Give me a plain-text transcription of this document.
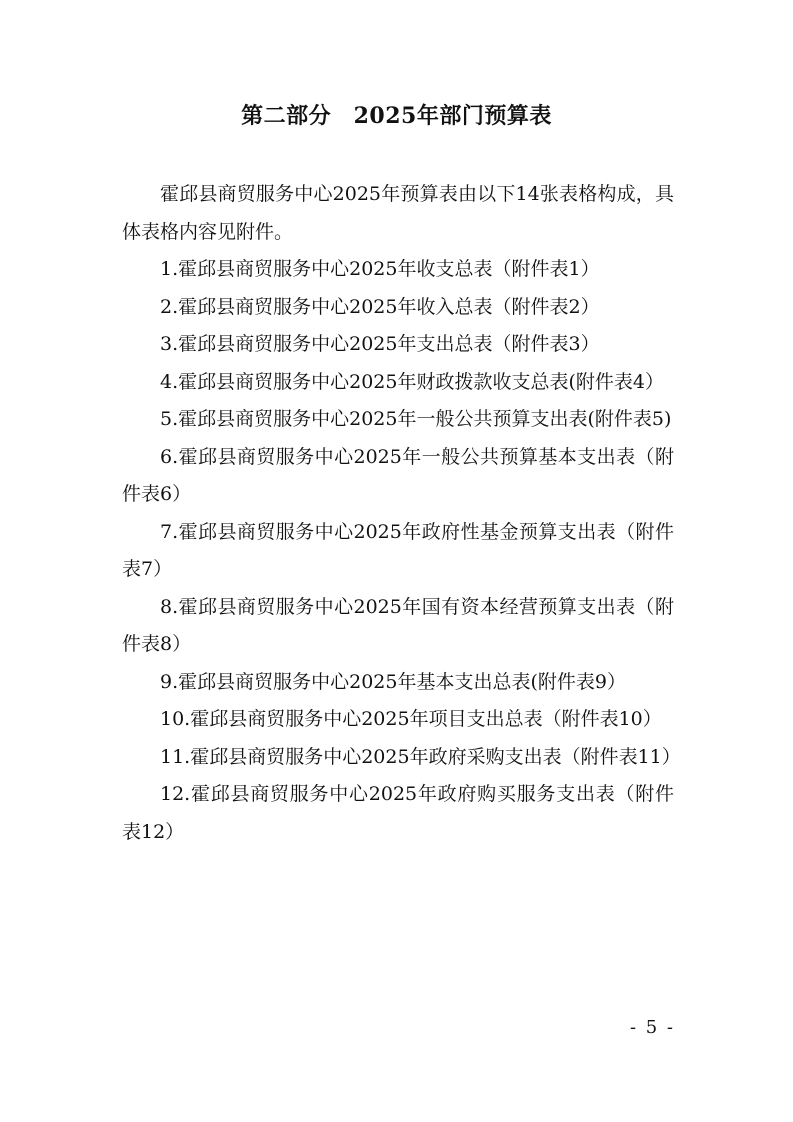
第二部分　2025年部门预算表

霍邱县商贸服务中心2025年预算表由以下14张表格构成，具体表格内容见附件。

1.霍邱县商贸服务中心2025年收支总表（附件表1）

2.霍邱县商贸服务中心2025年收入总表（附件表2）

3.霍邱县商贸服务中心2025年支出总表（附件表3）

4.霍邱县商贸服务中心2025年财政拨款收支总表(附件表4）

5.霍邱县商贸服务中心2025年一般公共预算支出表(附件表5)

6.霍邱县商贸服务中心2025年一般公共预算基本支出表（附件表6）

7.霍邱县商贸服务中心2025年政府性基金预算支出表（附件表7）

8.霍邱县商贸服务中心2025年国有资本经营预算支出表（附件表8）

9.霍邱县商贸服务中心2025年基本支出总表(附件表9）

10.霍邱县商贸服务中心2025年项目支出总表（附件表10）

11.霍邱县商贸服务中心2025年政府采购支出表（附件表11）

12.霍邱县商贸服务中心2025年政府购买服务支出表（附件表12）

- 5 -
